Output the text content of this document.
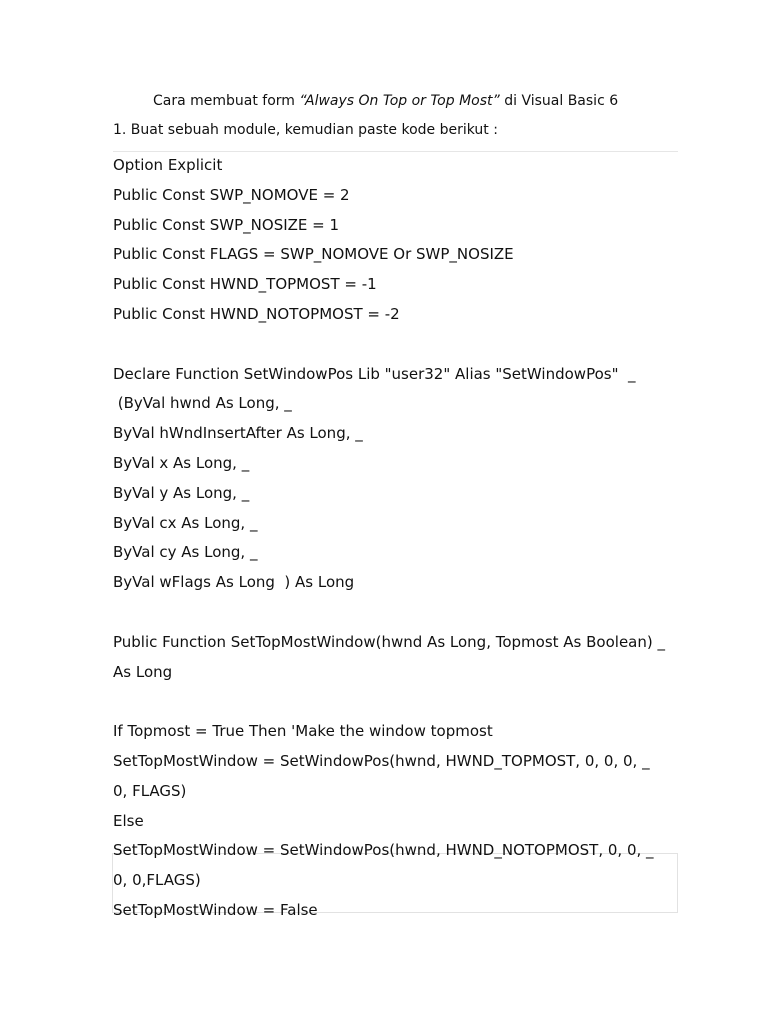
Cara membuat form “Always On Top or Top Most” di Visual Basic 6
1. Buat sebuah module, kemudian paste kode berikut :
Option Explicit
Public Const SWP_NOMOVE = 2
Public Const SWP_NOSIZE = 1
Public Const FLAGS = SWP_NOMOVE Or SWP_NOSIZE
Public Const HWND_TOPMOST = -1
Public Const HWND_NOTOPMOST = -2
Declare Function SetWindowPos Lib "user32" Alias "SetWindowPos"  _
(ByVal hwnd As Long, _
ByVal hWndInsertAfter As Long, _
ByVal x As Long, _
ByVal y As Long, _
ByVal cx As Long, _
ByVal cy As Long, _
ByVal wFlags As Long  ) As Long
Public Function SetTopMostWindow(hwnd As Long, Topmost As Boolean) _
As Long
If Topmost = True Then 'Make the window topmost
SetTopMostWindow = SetWindowPos(hwnd, HWND_TOPMOST, 0, 0, 0, _
0, FLAGS)
Else
SetTopMostWindow = SetWindowPos(hwnd, HWND_NOTOPMOST, 0, 0, _
0, 0,FLAGS)
SetTopMostWindow = False
